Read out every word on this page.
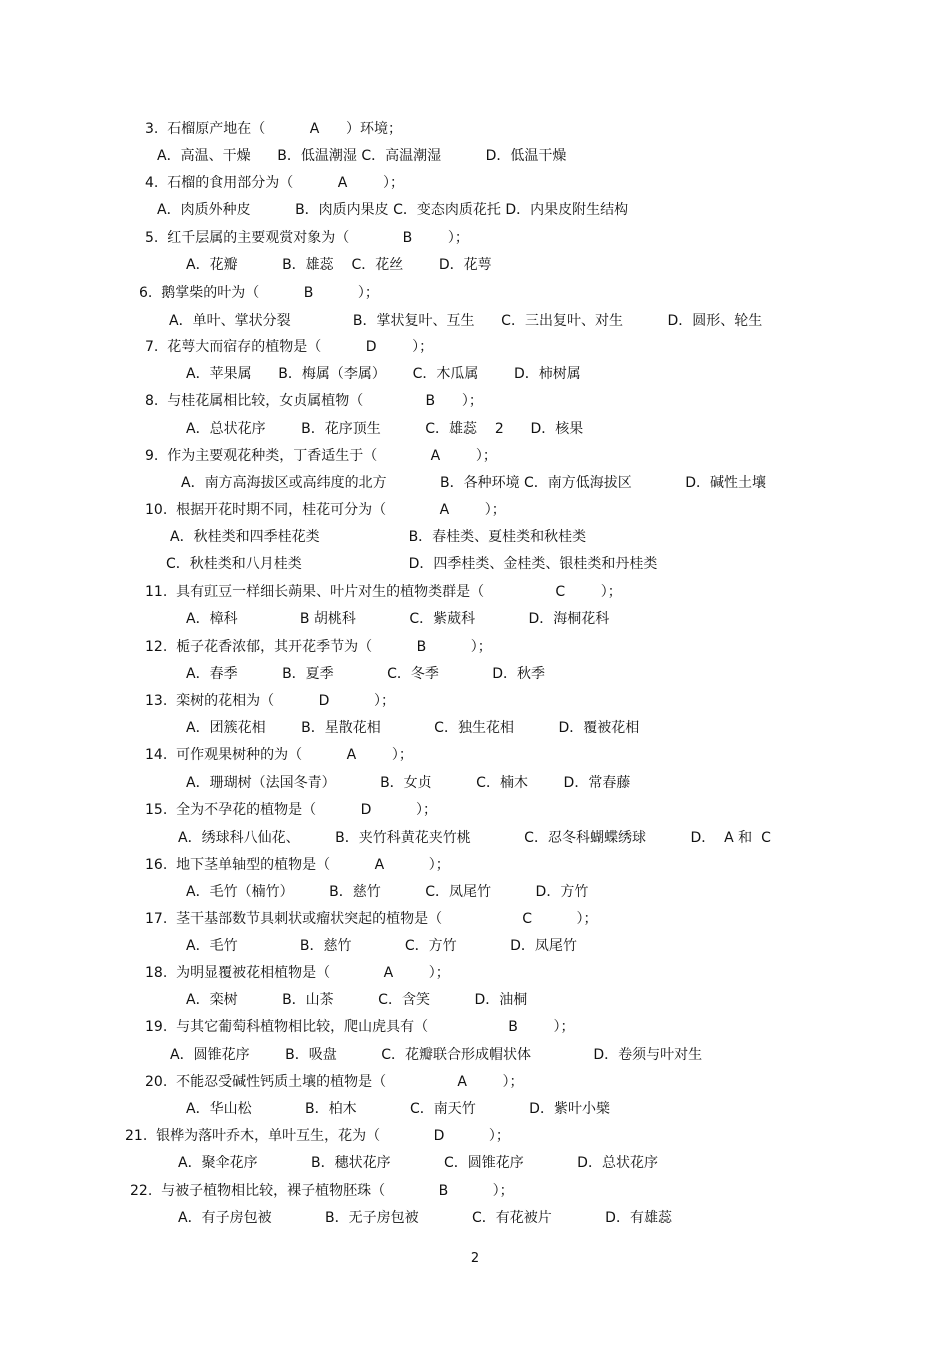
3.  石榴原产地在（          A      ）环境；
A．高温、干燥      B．低温潮湿 C．高温潮湿          D．低温干燥
4.  石榴的食用部分为（          A        ）；
A．肉质外种皮          B．肉质内果皮 C．变态肉质花托 D．内果皮附生结构
5.  红千层属的主要观赏对象为（            B        ）；
A．花瓣          B．雄蕊    C．花丝        D．花萼
6.  鹅掌柴的叶为（          B          ）；
A．单叶、掌状分裂              B．掌状复叶、互生      C．三出复叶、对生          D．圆形、轮生
7.  花萼大而宿存的植物是（          D        ）；
A．苹果属      B．梅属（李属）      C．木瓜属        D．柿树属
8.  与桂花属相比较，女贞属植物（              B      ）；
A．总状花序        B．花序顶生          C．雄蕊    2      D．核果
9.  作为主要观花种类，丁香适生于（            A        ）；
A．南方高海拔区或高纬度的北方            B．各种环境 C．南方低海拔区            D．碱性土壤
10.  根据开花时期不同，桂花可分为（            A        ）；
A．秋桂类和四季桂花类                    B．春桂类、夏桂类和秋桂类
C．秋桂类和八月桂类                        D．四季桂类、金桂类、银桂类和丹桂类
11.  具有豇豆一样细长蒴果、叶片对生的植物类群是（                C        ）；
A．樟科              B 胡桃科            C．紫葳科            D．海桐花科
12.  栀子花香浓郁，其开花季节为（          B          ）；
A．春季          B．夏季            C．冬季            D．秋季
13.  栾树的花相为（          D          ）；
A．团簇花相        B．星散花相            C．独生花相          D．覆被花相
14.  可作观果树种的为（          A        ）；
A．珊瑚树（法国冬青）          B．女贞          C．楠木        D．常春藤
15.  全为不孕花的植物是（          D          ）；
A．绣球科八仙花、        B．夹竹科黄花夹竹桃            C．忍冬科蝴蝶绣球          D．  A 和  C
16.  地下茎单轴型的植物是（          A          ）；
A．毛竹（楠竹）        B．慈竹          C．凤尾竹          D．方竹
17.  茎干基部数节具刺状或瘤状突起的植物是（                  C          ）；
A．毛竹              B．慈竹            C．方竹            D．凤尾竹
18.  为明显覆被花相植物是（            A        ）；
A．栾树          B．山茶          C．含笑          D．油桐
19.  与其它葡萄科植物相比较，爬山虎具有（                  B        ）；
A．圆锥花序        B．吸盘          C．花瓣联合形成帽状体              D．卷须与叶对生
20.  不能忍受碱性钙质土壤的植物是（                A        ）；
A．华山松            B．柏木            C．南天竹            D．紫叶小檗
21.  银桦为落叶乔木，单叶互生，花为（            D          ）；
A．聚伞花序            B．穗状花序            C．圆锥花序            D．总状花序
22.  与被子植物相比较，裸子植物胚珠（            B          ）；
A．有子房包被            B．无子房包被            C．有花被片            D．有雄蕊
2
